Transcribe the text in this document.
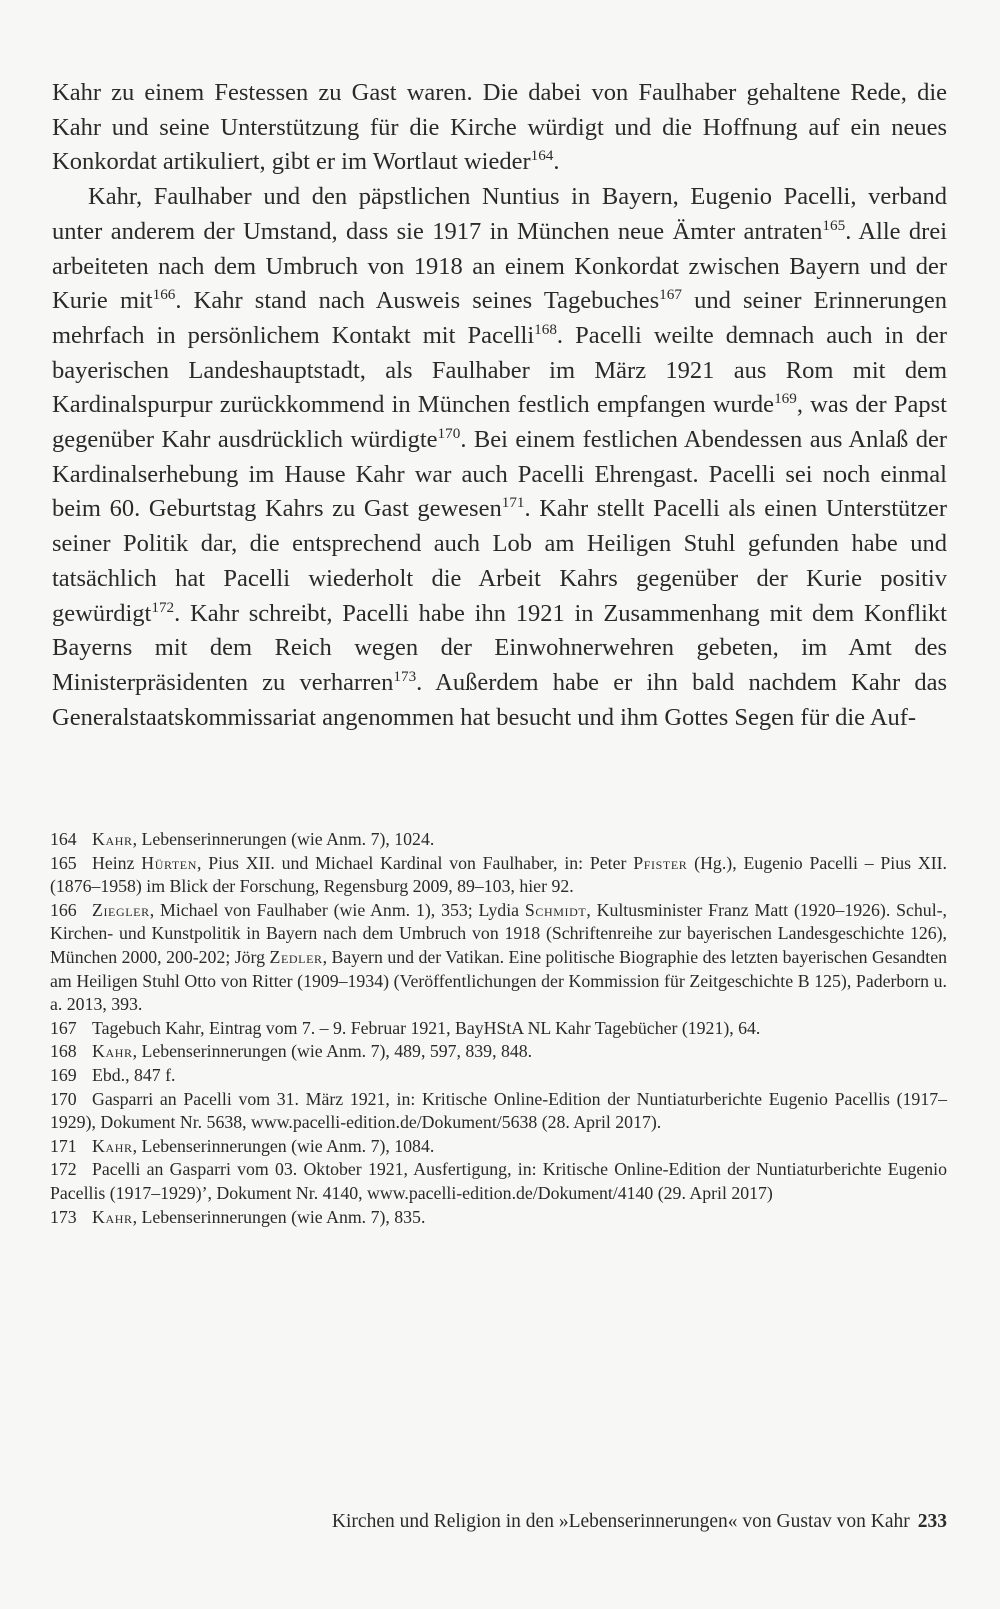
Kahr zu einem Festessen zu Gast waren. Die dabei von Faulhaber gehaltene Rede, die Kahr und seine Unterstützung für die Kirche würdigt und die Hoffnung auf ein neues Konkordat artikuliert, gibt er im Wortlaut wieder$^{164}$.

Kahr, Faulhaber und den päpstlichen Nuntius in Bayern, Eugenio Pacelli, verband unter anderem der Umstand, dass sie 1917 in München neue Ämter antraten$^{165}$. Alle drei arbeiteten nach dem Umbruch von 1918 an einem Konkordat zwischen Bayern und der Kurie mit$^{166}$. Kahr stand nach Ausweis seines Tagebuches$^{167}$ und seiner Erinnerungen mehrfach in persönlichem Kontakt mit Pacelli$^{168}$. Pacelli weilte demnach auch in der bayerischen Landeshauptstadt, als Faulhaber im März 1921 aus Rom mit dem Kardinalspurpur zurückkommend in München festlich empfangen wurde$^{169}$, was der Papst gegenüber Kahr ausdrücklich würdigte$^{170}$. Bei einem festlichen Abendessen aus Anlaß der Kardinalserhebung im Hause Kahr war auch Pacelli Ehrengast. Pacelli sei noch einmal beim 60. Geburtstag Kahrs zu Gast gewesen$^{171}$. Kahr stellt Pacelli als einen Unterstützer seiner Politik dar, die entsprechend auch Lob am Heiligen Stuhl gefunden habe und tatsächlich hat Pacelli wiederholt die Arbeit Kahrs gegenüber der Kurie positiv gewürdigt$^{172}$. Kahr schreibt, Pacelli habe ihn 1921 in Zusammenhang mit dem Konflikt Bayerns mit dem Reich wegen der Einwohnerwehren gebeten, im Amt des Ministerpräsidenten zu verharren$^{173}$. Außerdem habe er ihn bald nachdem Kahr das Generalstaatskommissariat angenommen hat besucht und ihm Gottes Segen für die Auf-

164 Kahr, Lebenserinnerungen (wie Anm. 7), 1024.

165 Heinz Hürten, Pius XII. und Michael Kardinal von Faulhaber, in: Peter Pfister (Hg.), Eugenio Pacelli – Pius XII. (1876–1958) im Blick der Forschung, Regensburg 2009, 89–103, hier 92.

166 Ziegler, Michael von Faulhaber (wie Anm. 1), 353; Lydia Schmidt, Kultusminister Franz Matt (1920–1926). Schul-, Kirchen- und Kunstpolitik in Bayern nach dem Umbruch von 1918 (Schriftenreihe zur bayerischen Landesgeschichte 126), München 2000, 200-202; Jörg Zedler, Bayern und der Vatikan. Eine politische Biographie des letzten bayerischen Gesandten am Heiligen Stuhl Otto von Ritter (1909–1934) (Veröffentlichungen der Kommission für Zeitgeschichte B 125), Paderborn u. a. 2013, 393.

167 Tagebuch Kahr, Eintrag vom 7. – 9. Februar 1921, BayHStA NL Kahr Tagebücher (1921), 64.

168 Kahr, Lebenserinnerungen (wie Anm. 7), 489, 597, 839, 848.

169 Ebd., 847 f.

170 Gasparri an Pacelli vom 31. März 1921, in: Kritische Online-Edition der Nuntiaturberichte Eugenio Pacellis (1917–1929), Dokument Nr. 5638, www.pacelli-edition.de/Dokument/5638 (28. April 2017).

171 Kahr, Lebenserinnerungen (wie Anm. 7), 1084.

172 Pacelli an Gasparri vom 03. Oktober 1921, Ausfertigung, in: Kritische Online-Edition der Nuntiaturberichte Eugenio Pacellis (1917–1929)’, Dokument Nr. 4140, www.pacelli-edition.de/Dokument/4140 (29. April 2017)

173 Kahr, Lebenserinnerungen (wie Anm. 7), 835.

Kirchen und Religion in den »Lebenserinnerungen« von Gustav von Kahr 233
